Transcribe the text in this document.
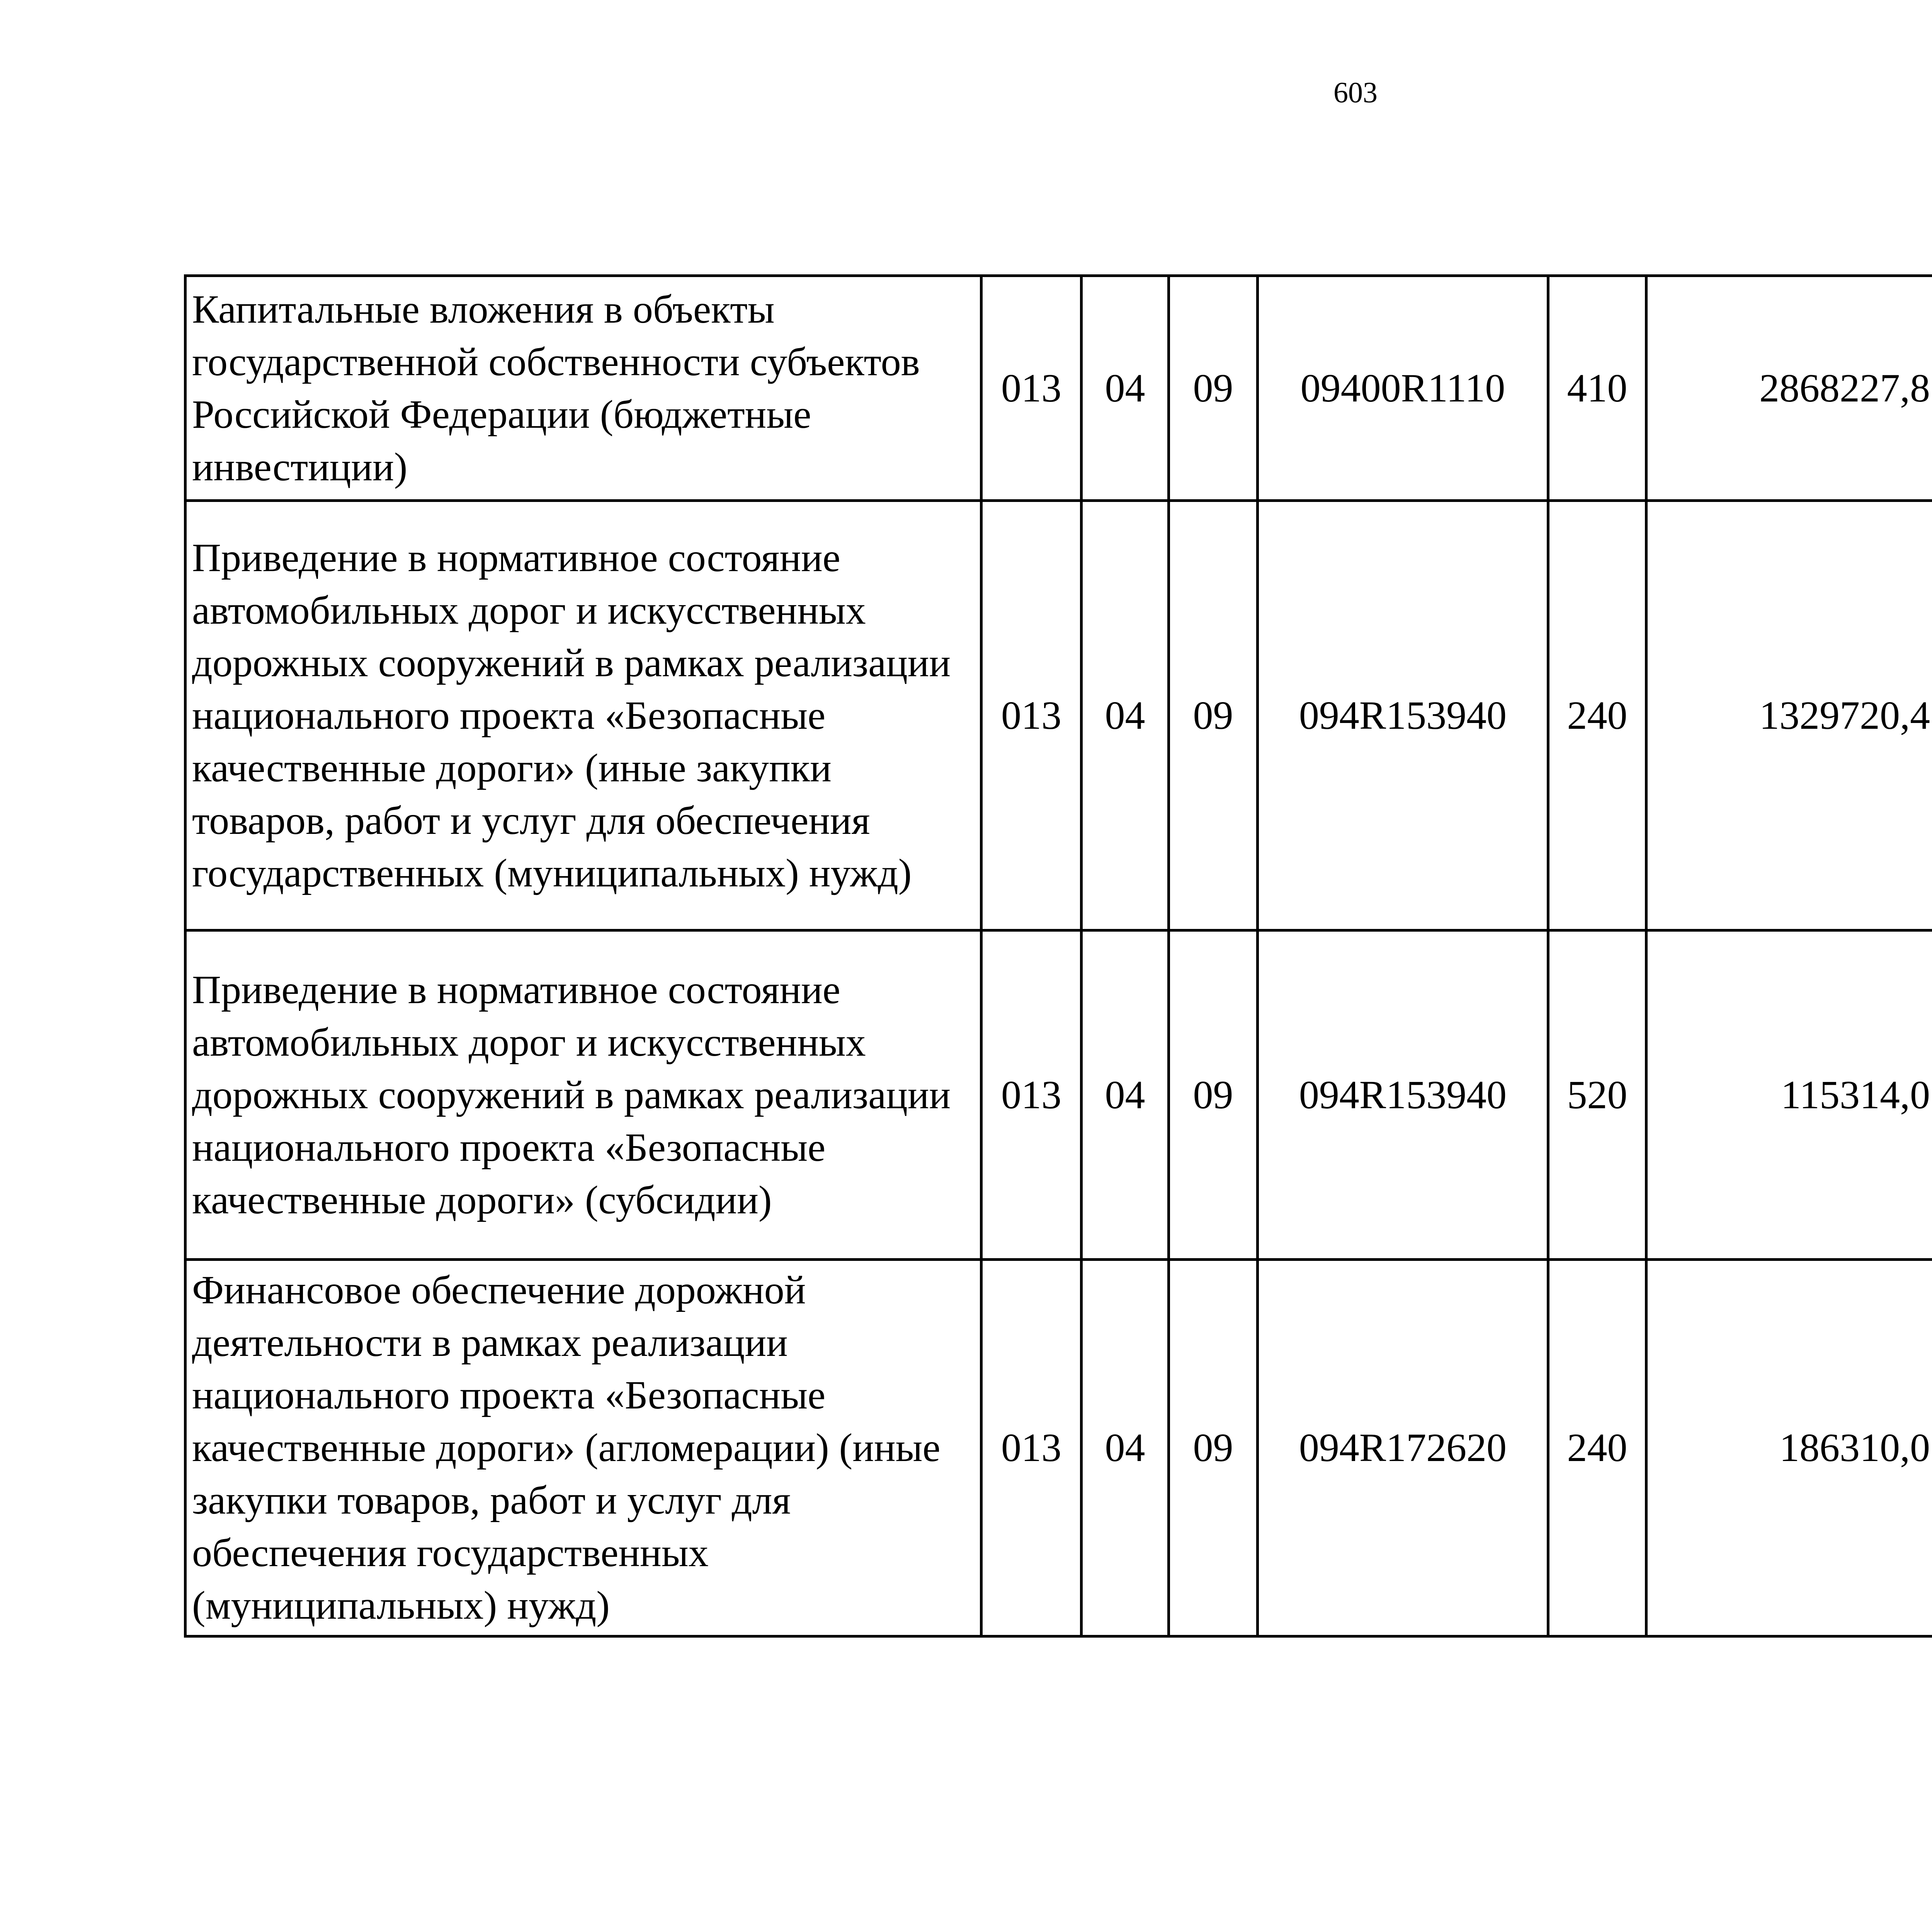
603
Капитальные вложения в объекты государственной собственности субъектов Российской Федерации (бюджетные инвестиции)	013	04	09	09400R1110	410	2868227,8		
Приведение в нормативное состояние автомобильных дорог и искусственных дорожных сооружений в рамках реализации национального проекта «Безопасные качественные дороги» (иные закупки товаров, работ и услуг для обеспечения государственных (муниципальных) нужд)	013	04	09	094R153940	240	1329720,4		
Приведение в нормативное состояние автомобильных дорог и искусственных дорожных сооружений в рамках реализации национального проекта «Безопасные качественные дороги» (субсидии)	013	04	09	094R153940	520	115314,0		
Финансовое обеспечение дорожной деятельности в рамках реализации национального проекта «Безопасные качественные дороги» (агломерации) (иные закупки товаров, работ и услуг для обеспечения государственных (муниципальных) нужд)	013	04	09	094R172620	240	186310,0		
